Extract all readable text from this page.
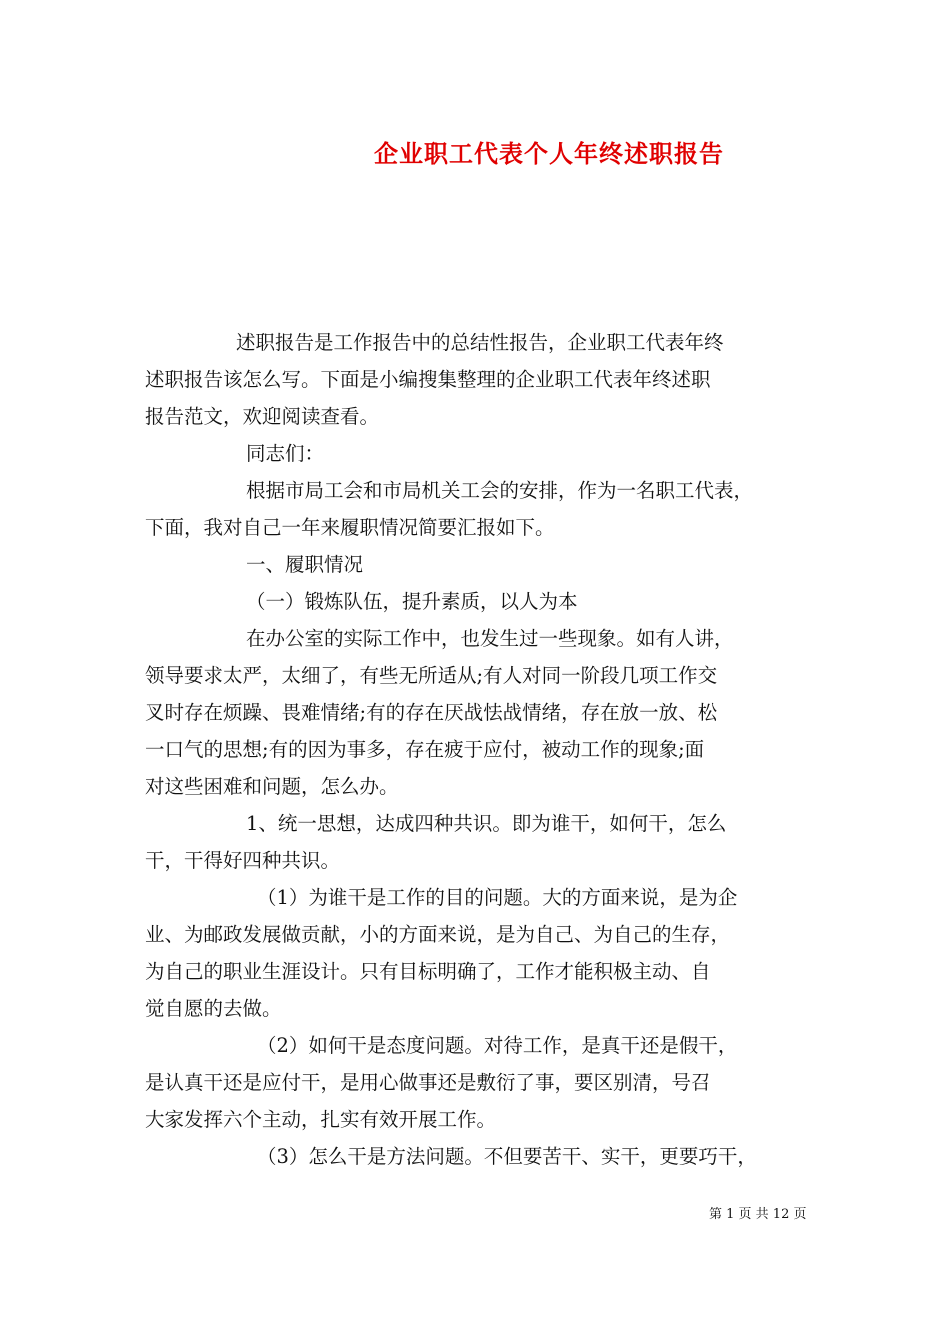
企业职工代表个人年终述职报告
述职报告是工作报告中的总结性报告，企业职工代表年终
述职报告该怎么写。下面是小编搜集整理的企业职工代表年终述职
报告范文，欢迎阅读查看。
同志们：
根据市局工会和市局机关工会的安排，作为一名职工代表，
下面，我对自己一年来履职情况简要汇报如下。
一、履职情况
（一）锻炼队伍，提升素质，以人为本
在办公室的实际工作中，也发生过一些现象。如有人讲，
领导要求太严，太细了，有些无所适从;有人对同一阶段几项工作交
叉时存在烦躁、畏难情绪;有的存在厌战怯战情绪，存在放一放、松
一口气的思想;有的因为事多，存在疲于应付，被动工作的现象;面
对这些困难和问题，怎么办。
1、统一思想，达成四种共识。即为谁干，如何干，怎么
干，干得好四种共识。
（1）为谁干是工作的目的问题。大的方面来说，是为企
业、为邮政发展做贡献，小的方面来说，是为自己、为自己的生存，
为自己的职业生涯设计。只有目标明确了，工作才能积极主动、自
觉自愿的去做。
（2）如何干是态度问题。对待工作，是真干还是假干，
是认真干还是应付干，是用心做事还是敷衍了事，要区别清，号召
大家发挥六个主动，扎实有效开展工作。
（3）怎么干是方法问题。不但要苦干、实干，更要巧干，
第 1 页 共 12 页
